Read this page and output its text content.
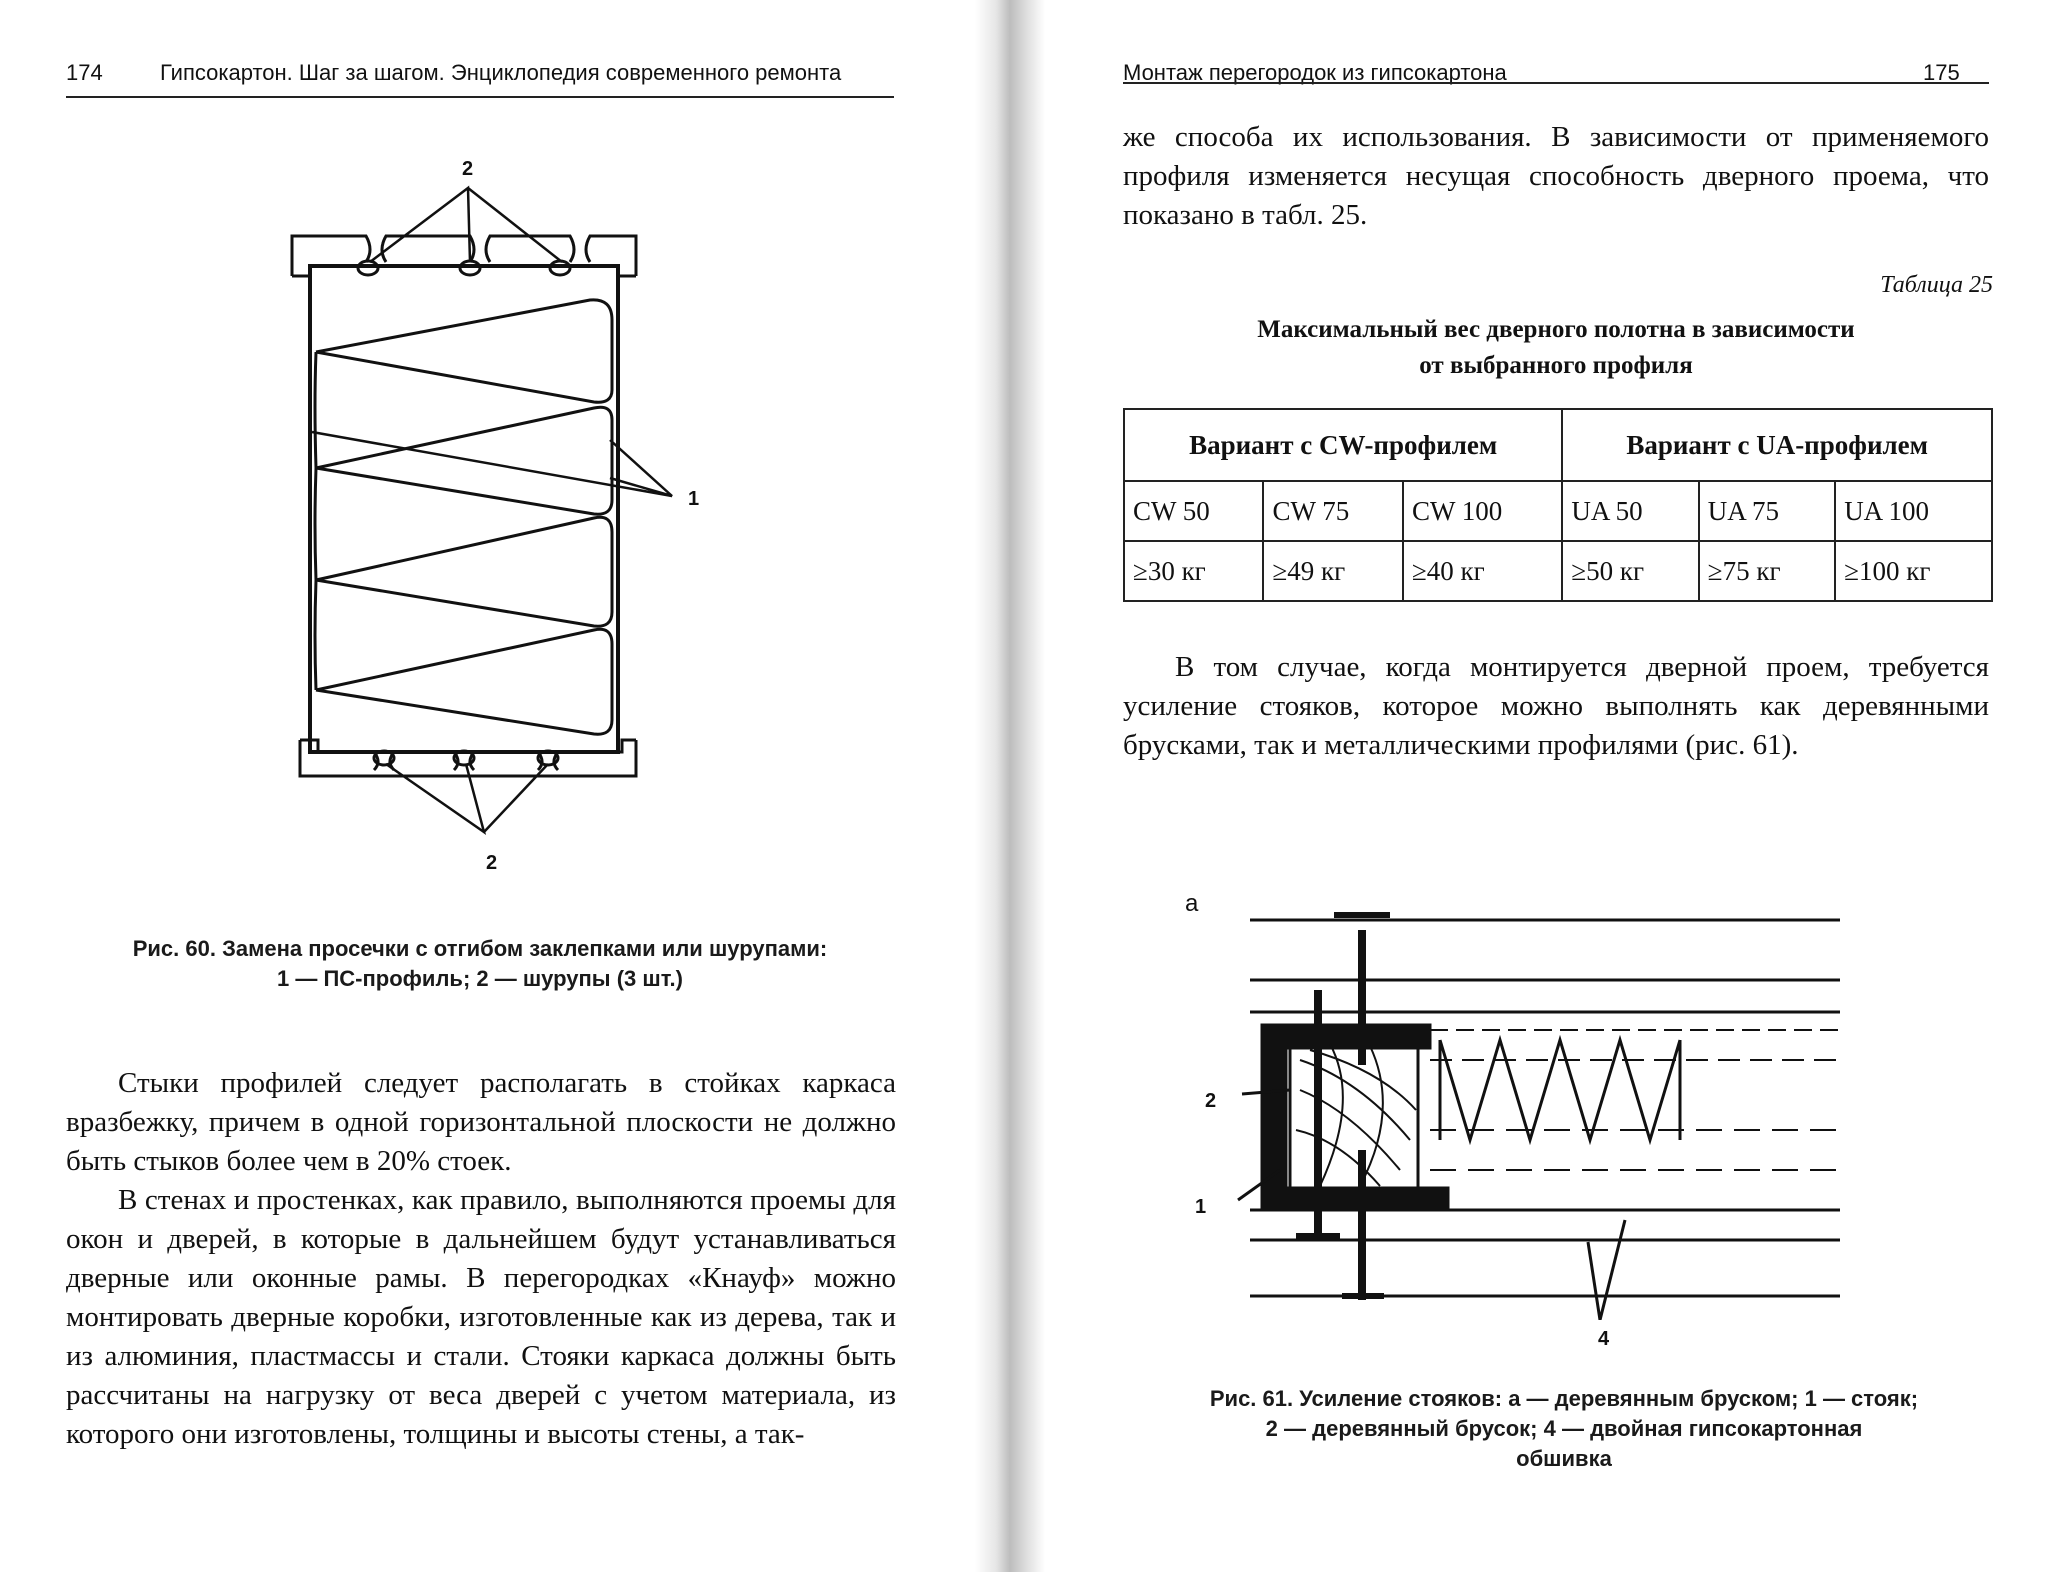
174	Гипсокартон. Шаг за шагом. Энциклопедия современного ремонта
2
1
2
Рис. 60. Замена просечки с отгибом заклепками или шурупами:
1 — ПС-профиль; 2 — шурупы (3 шт.)

Стыки профилей следует располагать в стойках каркаса вразбежку, причем в одной горизонтальной плоскости не должно быть стыков более чем в 20% стоек.

В стенах и простенках, как правило, выполняются проемы для окон и дверей, в которые в дальнейшем будут устанавливаться дверные или оконные рамы. В перегородках «Кнауф» можно монтировать дверные коробки, изготовленные как из дерева, так и из алюминия, пластмассы и стали. Стояки каркаса должны быть рассчитаны на нагрузку от веса дверей с учетом материала, из которого они изготовлены, толщины и высоты стены, а так-

Монтаж перегородок из гипсокартона	175

же способа их использования. В зависимости от применяемого профиля изменяется несущая способность дверного проема, что показано в табл. 25.

Таблица 25
Максимальный вес дверного полотна в зависимости
от выбранного профиля
Вариант с CW-профилем			Вариант с UA-профилем		
CW 50	CW 75	CW 100	UA 50	UA 75	UA 100
≥30 кг	≥49 кг	≥40 кг	≥50 кг	≥75 кг	≥100 кг

В том случае, когда монтируется дверной проем, требуется усиление стояков, которое можно выполнять как деревянными брусками, так и металлическими профилями (рис. 61).

а
2
1
4
Рис. 61. Усиление стояков: а — деревянным бруском; 1 — стояк;
2 — деревянный брусок; 4 — двойная гипсокартонная
обшивка
